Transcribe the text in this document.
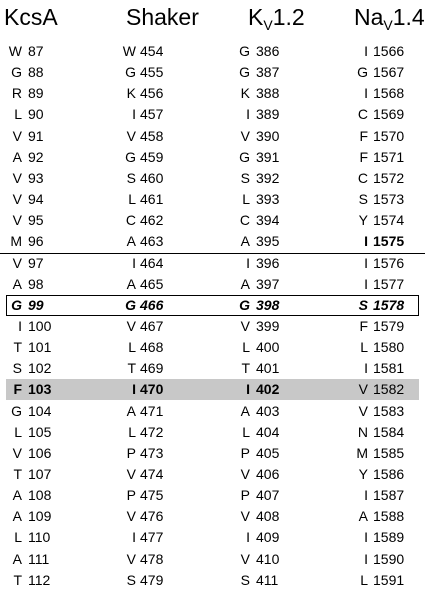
KcsA	Shaker $K_V1.2$ $Na_V1.4$
W 87	W 454	G 386	I 1566
G 88	G 455	G 387	G 1567
R 89	K 456	K 388	I 1568
L 90	I 457	I 389	C 1569
V 91	V 458	V 390	F 1570
A 92	G 459	G 391	F 1571
V 93	S 460	S 392	C 1572
V 94	L 461	L 393	S 1573
V 95	C 462	C 394	Y 1574
M 96	A 463	A 395	I 1575
V 97	I 464	I 396	I 1576
A 98	A 465	A 397	I 1577
G 99	G 466	G 398	S 1578
I 100	V 467	V 399	F 1579
T 101	L 468	L 400	L 1580
S 102	T 469	T 401	I 1581
F 103	I 470	I 402	V 1582
G 104	A 471	A 403	V 1583
L 105	L 472	L 404	N 1584
V 106	P 473	P 405	M 1585
T 107	V 474	V 406	Y 1586
A 108	P 475	P 407	I 1587
A 109	V 476	V 408	A 1588
L 110	I 477	I 409	I 1589
A 111	V 478	V 410	I 1590
T 112	S 479	S 411	L 1591
